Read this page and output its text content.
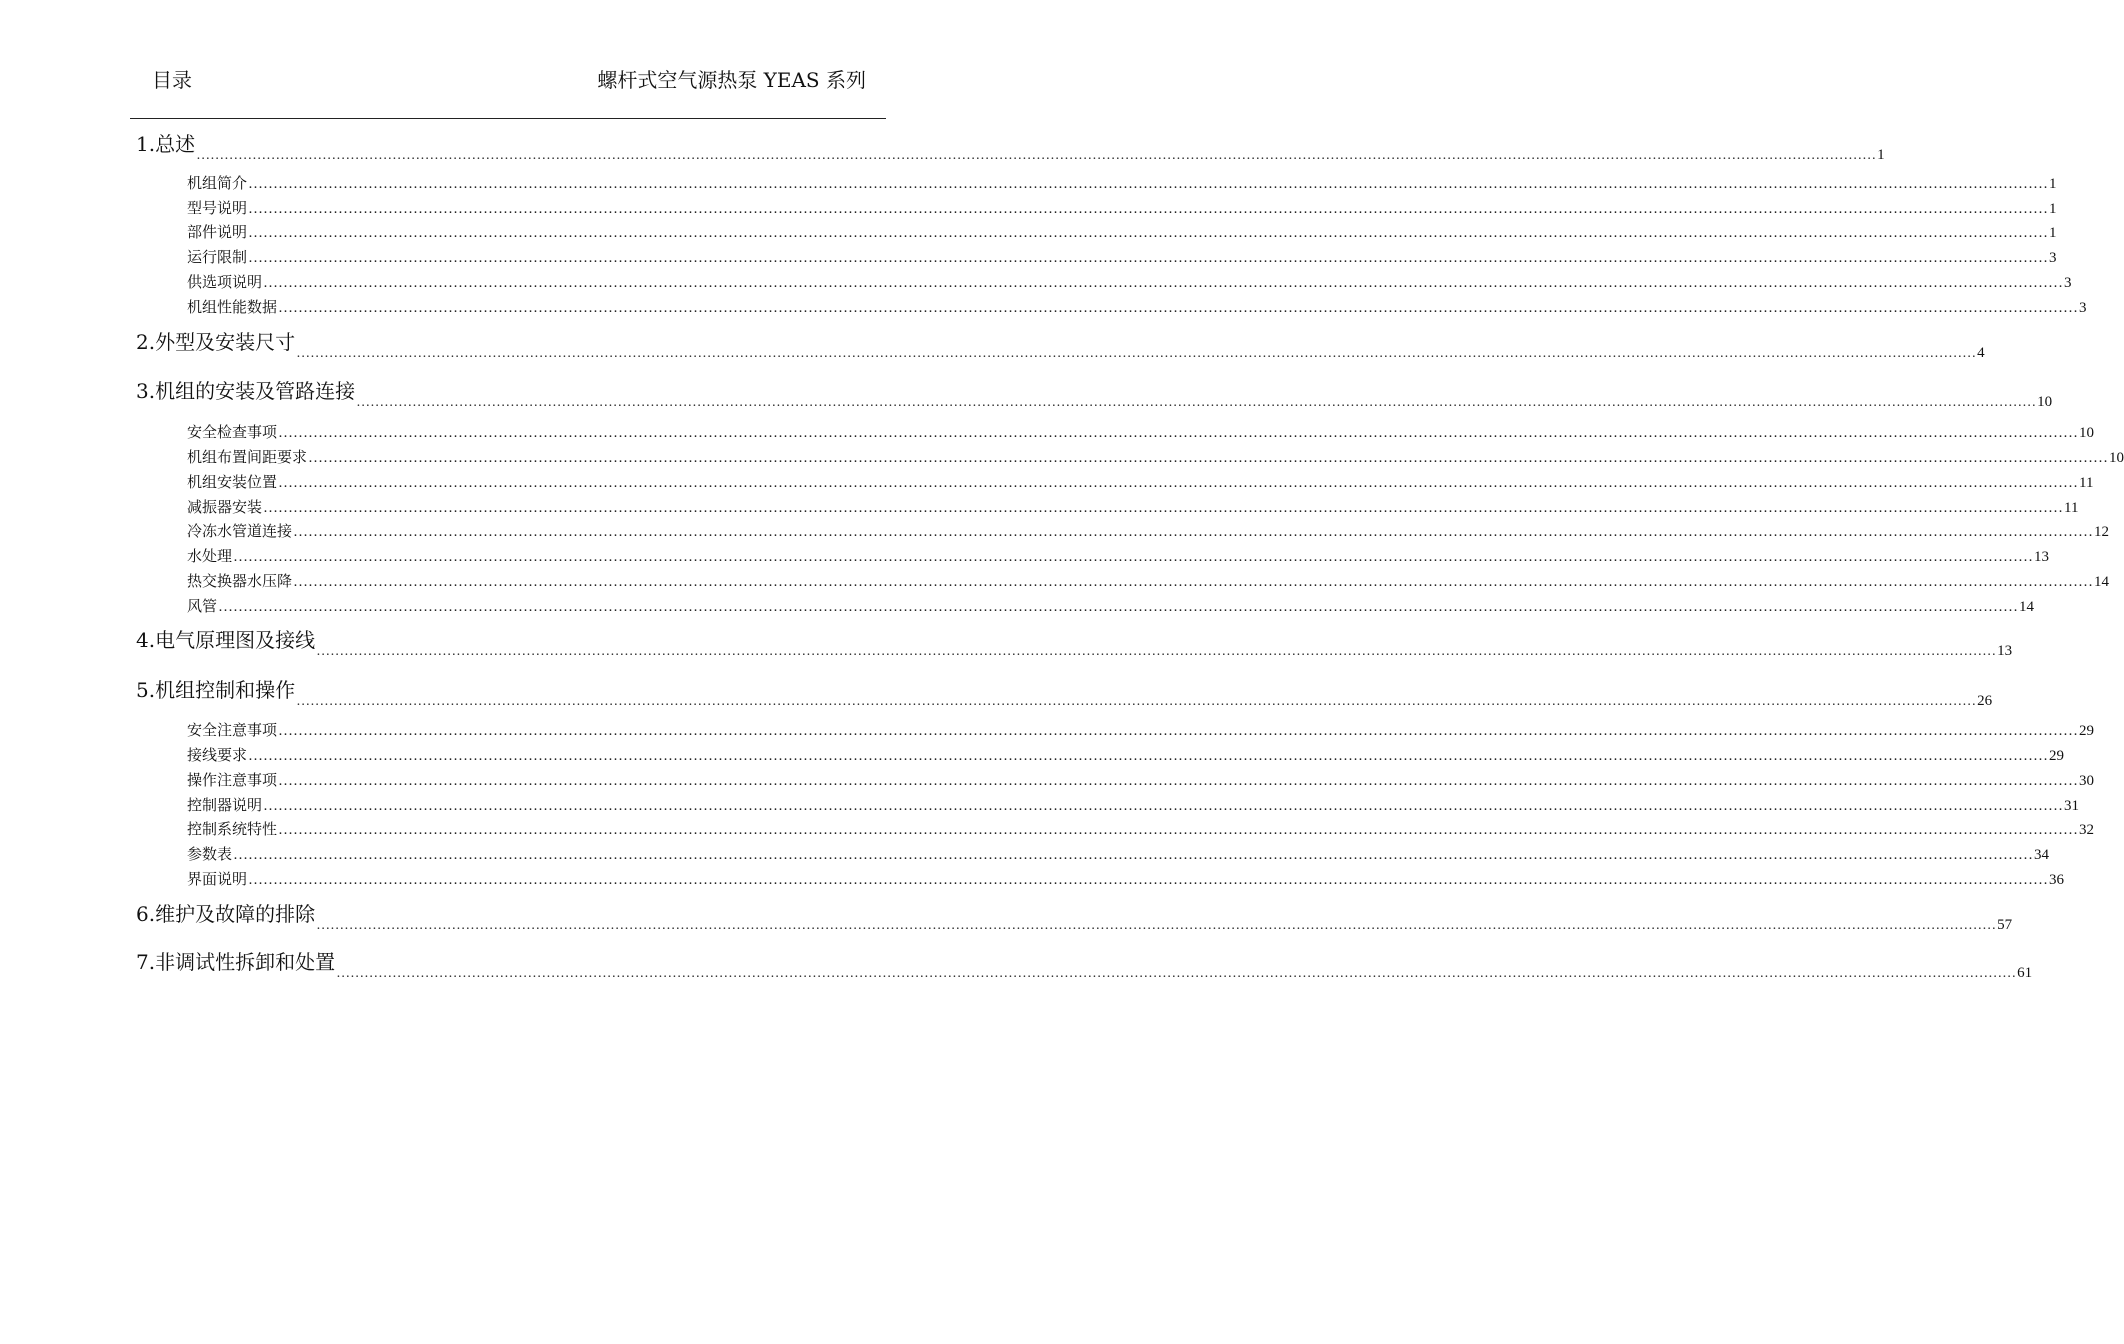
目录	螺杆式空气源热泵 YEAS 系列
1.总述 ……………………………………………………………………………………………………………………………………………………………………………………………………………………………………………………………………………………………………………………………… 1
机组简介 ……………………………………………………………………………………………………………………………………………………………………………………………………………………………………………………………………………………………………………………………… 1
型号说明 ……………………………………………………………………………………………………………………………………………………………………………………………………………………………………………………………………………………………………………………………… 1
部件说明 ……………………………………………………………………………………………………………………………………………………………………………………………………………………………………………………………………………………………………………………………… 1
运行限制 ……………………………………………………………………………………………………………………………………………………………………………………………………………………………………………………………………………………………………………………………… 3
供选项说明 ……………………………………………………………………………………………………………………………………………………………………………………………………………………………………………………………………………………………………………………………… 3
机组性能数据 ……………………………………………………………………………………………………………………………………………………………………………………………………………………………………………………………………………………………………………………………… 3
2.外型及安装尺寸 ……………………………………………………………………………………………………………………………………………………………………………………………………………………………………………………………………………………………………………………………… 4
3.机组的安装及管路连接 ……………………………………………………………………………………………………………………………………………………………………………………………………………………………………………………………………………………………………………………………… 10
安全检查事项 ……………………………………………………………………………………………………………………………………………………………………………………………………………………………………………………………………………………………………………………………… 10
机组布置间距要求 ……………………………………………………………………………………………………………………………………………………………………………………………………………………………………………………………………………………………………………………………… 10
机组安装位置 ……………………………………………………………………………………………………………………………………………………………………………………………………………………………………………………………………………………………………………………………… 11
减振器安装 ……………………………………………………………………………………………………………………………………………………………………………………………………………………………………………………………………………………………………………………………… 11
冷冻水管道连接 ……………………………………………………………………………………………………………………………………………………………………………………………………………………………………………………………………………………………………………………………… 12
水处理 ……………………………………………………………………………………………………………………………………………………………………………………………………………………………………………………………………………………………………………………………… 13
热交换器水压降 ……………………………………………………………………………………………………………………………………………………………………………………………………………………………………………………………………………………………………………………………… 14
风管 ……………………………………………………………………………………………………………………………………………………………………………………………………………………………………………………………………………………………………………………………… 14
4.电气原理图及接线 ……………………………………………………………………………………………………………………………………………………………………………………………………………………………………………………………………………………………………………………………… 13
5.机组控制和操作 ……………………………………………………………………………………………………………………………………………………………………………………………………………………………………………………………………………………………………………………………… 26
安全注意事项 ……………………………………………………………………………………………………………………………………………………………………………………………………………………………………………………………………………………………………………………………… 29
接线要求 ……………………………………………………………………………………………………………………………………………………………………………………………………………………………………………………………………………………………………………………………… 29
操作注意事项 ……………………………………………………………………………………………………………………………………………………………………………………………………………………………………………………………………………………………………………………………… 30
控制器说明 ……………………………………………………………………………………………………………………………………………………………………………………………………………………………………………………………………………………………………………………………… 31
控制系统特性 ……………………………………………………………………………………………………………………………………………………………………………………………………………………………………………………………………………………………………………………………… 32
参数表 ……………………………………………………………………………………………………………………………………………………………………………………………………………………………………………………………………………………………………………………………… 34
界面说明 ……………………………………………………………………………………………………………………………………………………………………………………………………………………………………………………………………………………………………………………………… 36
6.维护及故障的排除 ……………………………………………………………………………………………………………………………………………………………………………………………………………………………………………………………………………………………………………………………… 57
7.非调试性拆卸和处置 ……………………………………………………………………………………………………………………………………………………………………………………………………………………………………………………………………………………………………………………………… 61
